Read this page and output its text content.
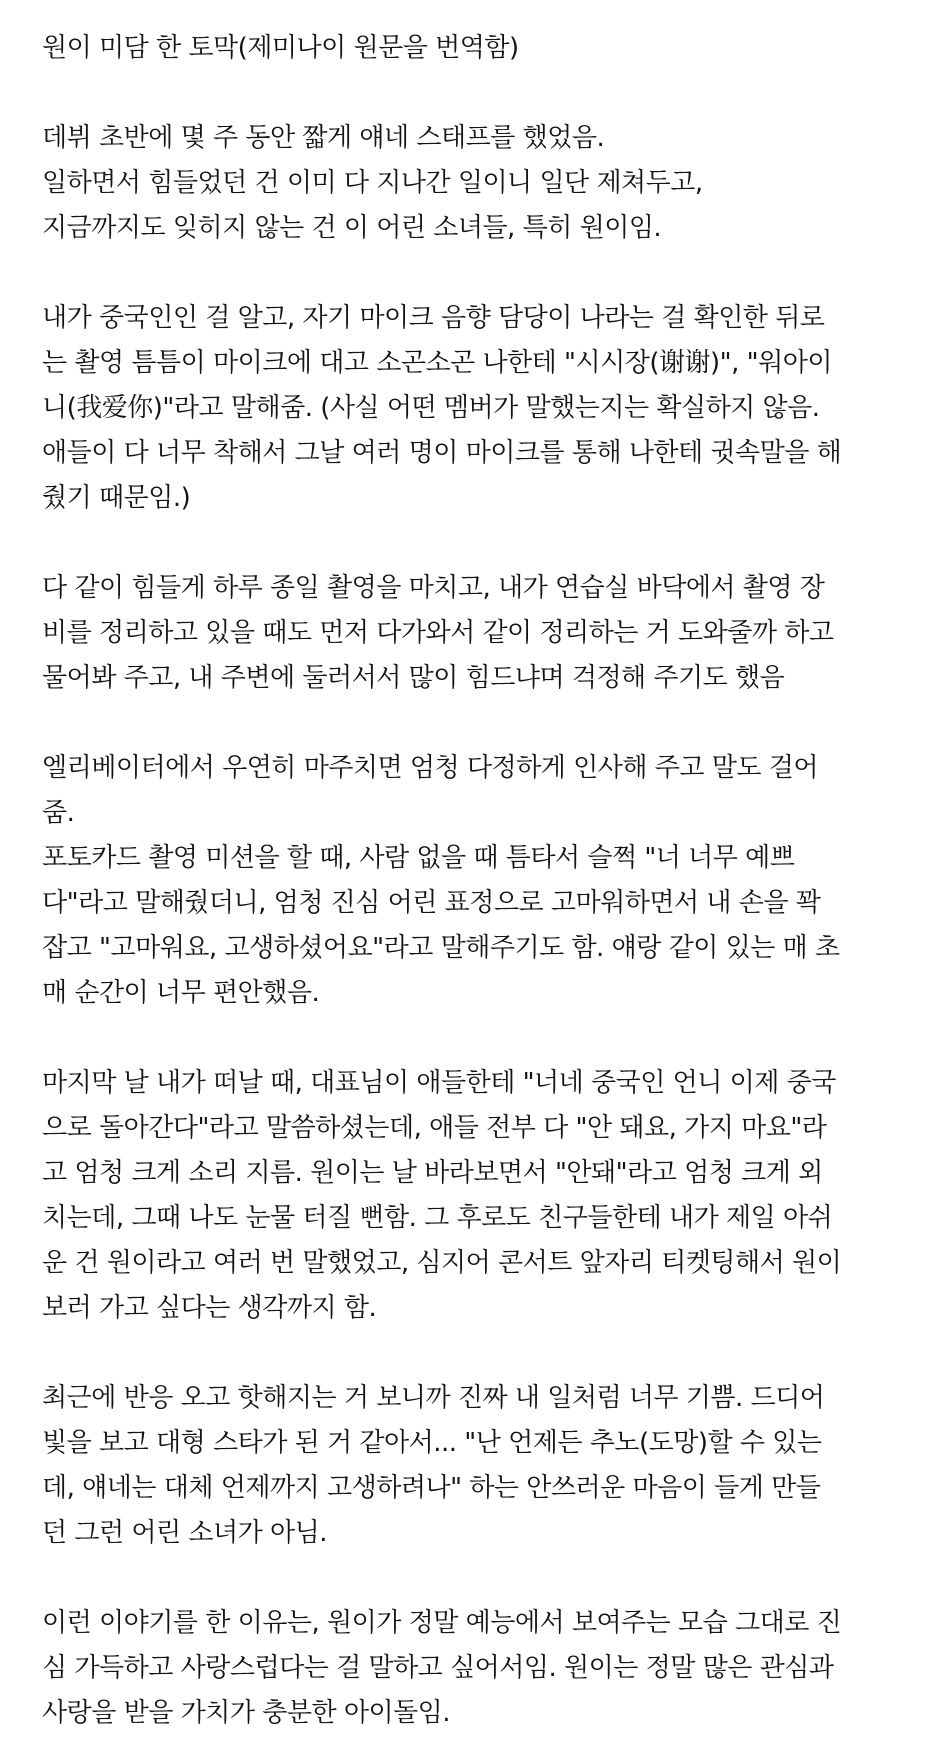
원이 미담 한 토막(제미나이 원문을 번역함)
데뷔 초반에 몇 주 동안 짧게 얘네 스태프를 했었음.
일하면서 힘들었던 건 이미 다 지나간 일이니 일단 제쳐두고,
지금까지도 잊히지 않는 건 이 어린 소녀들, 특히 원이임.
내가 중국인인 걸 알고, 자기 마이크 음향 담당이 나라는 걸 확인한 뒤로
는 촬영 틈틈이 마이크에 대고 소곤소곤 나한테 "시시장(谢谢)", "워아이
니(我爱你)"라고 말해줌. (사실 어떤 멤버가 말했는지는 확실하지 않음.
애들이 다 너무 착해서 그날 여러 명이 마이크를 통해 나한테 귓속말을 해
줬기 때문임.)
다 같이 힘들게 하루 종일 촬영을 마치고, 내가 연습실 바닥에서 촬영 장
비를 정리하고 있을 때도 먼저 다가와서 같이 정리하는 거 도와줄까 하고
물어봐 주고, 내 주변에 둘러서서 많이 힘드냐며 걱정해 주기도 했음
엘리베이터에서 우연히 마주치면 엄청 다정하게 인사해 주고 말도 걸어
줌.
포토카드 촬영 미션을 할 때, 사람 없을 때 틈타서 슬쩍 "너 너무 예쁘
다"라고 말해줬더니, 엄청 진심 어린 표정으로 고마워하면서 내 손을 꽉
잡고 "고마워요, 고생하셨어요"라고 말해주기도 함. 얘랑 같이 있는 매 초
매 순간이 너무 편안했음.
마지막 날 내가 떠날 때, 대표님이 애들한테 "너네 중국인 언니 이제 중국
으로 돌아간다"라고 말씀하셨는데, 애들 전부 다 "안 돼요, 가지 마요"라
고 엄청 크게 소리 지름. 원이는 날 바라보면서 "안돼"라고 엄청 크게 외
치는데, 그때 나도 눈물 터질 뻔함. 그 후로도 친구들한테 내가 제일 아쉬
운 건 원이라고 여러 번 말했었고, 심지어 콘서트 앞자리 티켓팅해서 원이
보러 가고 싶다는 생각까지 함.
최근에 반응 오고 핫해지는 거 보니까 진짜 내 일처럼 너무 기쁨. 드디어
빛을 보고 대형 스타가 된 거 같아서... "난 언제든 추노(도망)할 수 있는
데, 얘네는 대체 언제까지 고생하려나" 하는 안쓰러운 마음이 들게 만들
던 그런 어린 소녀가 아님.
이런 이야기를 한 이유는, 원이가 정말 예능에서 보여주는 모습 그대로 진
심 가득하고 사랑스럽다는 걸 말하고 싶어서임. 원이는 정말 많은 관심과
사랑을 받을 가치가 충분한 아이돌임.
